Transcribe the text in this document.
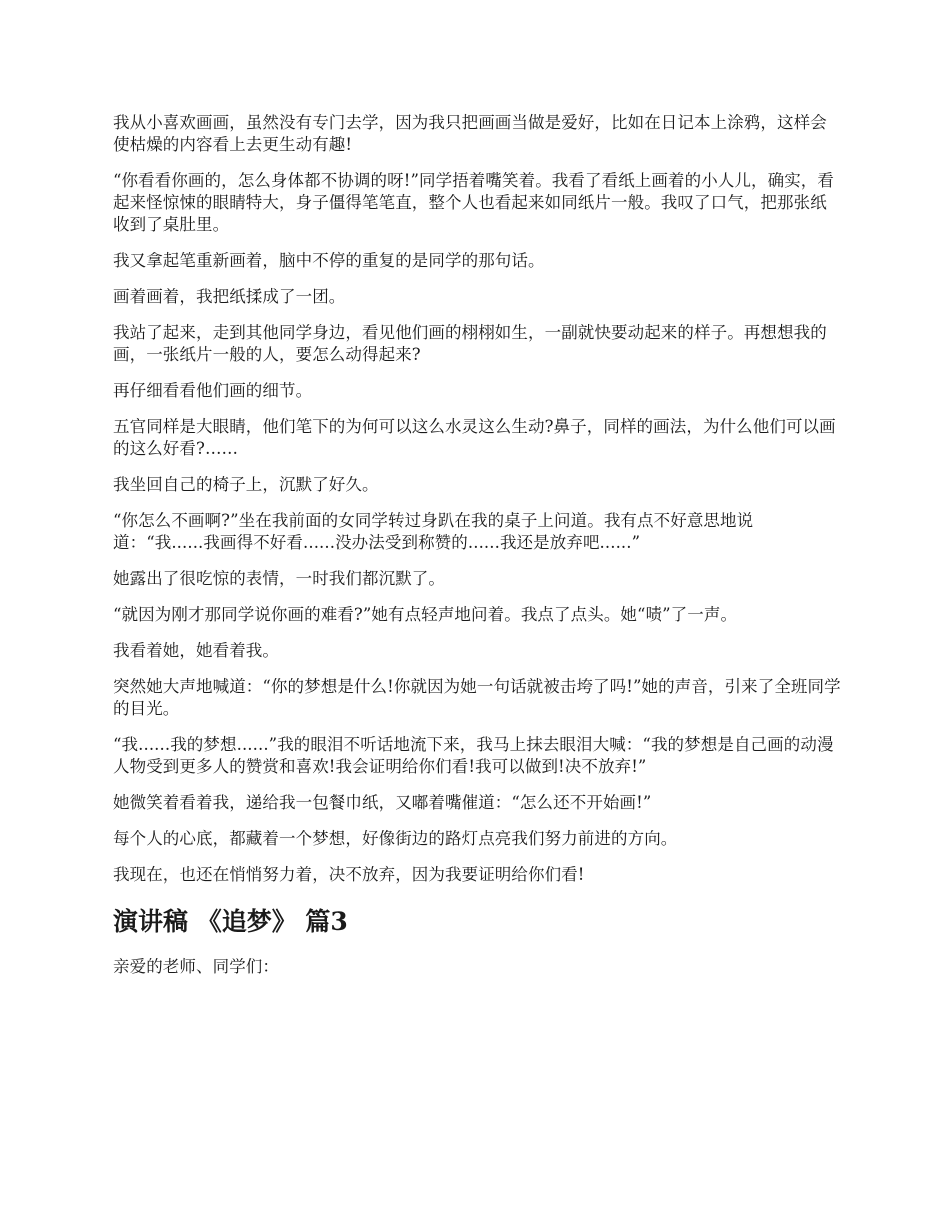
我从小喜欢画画，虽然没有专门去学，因为我只把画画当做是爱好，比如在日记本上涂鸦，这样会使枯燥的内容看上去更生动有趣!

“你看看你画的，怎么身体都不协调的呀!”同学捂着嘴笑着。我看了看纸上画着的小人儿，确实，看起来怪惊悚的眼睛特大，身子僵得笔笔直，整个人也看起来如同纸片一般。我叹了口气，把那张纸收到了桌肚里。

我又拿起笔重新画着，脑中不停的重复的是同学的那句话。

画着画着，我把纸揉成了一团。

我站了起来，走到其他同学身边，看见他们画的栩栩如生，一副就快要动起来的样子。再想想我的画，一张纸片一般的人，要怎么动得起来?

再仔细看看他们画的细节。

五官同样是大眼睛，他们笔下的为何可以这么水灵这么生动?鼻子，同样的画法，为什么他们可以画的这么好看?……

我坐回自己的椅子上，沉默了好久。

“你怎么不画啊?”坐在我前面的女同学转过身趴在我的桌子上问道。我有点不好意思地说道：“我......我画得不好看......没办法受到称赞的......我还是放弃吧......”

她露出了很吃惊的表情，一时我们都沉默了。

“就因为刚才那同学说你画的难看?”她有点轻声地问着。我点了点头。她“啧”了一声。

我看着她，她看着我。

突然她大声地喊道：“你的梦想是什么!你就因为她一句话就被击垮了吗!”她的声音，引来了全班同学的目光。

“我......我的梦想......”我的眼泪不听话地流下来，我马上抹去眼泪大喊：“我的梦想是自己画的动漫人物受到更多人的赞赏和喜欢!我会证明给你们看!我可以做到!决不放弃!”

她微笑着看着我，递给我一包餐巾纸，又嘟着嘴催道：“怎么还不开始画!”

每个人的心底，都藏着一个梦想，好像街边的路灯点亮我们努力前进的方向。

我现在，也还在悄悄努力着，决不放弃，因为我要证明给你们看!

演讲稿 《追梦》 篇3

亲爱的老师、同学们：
